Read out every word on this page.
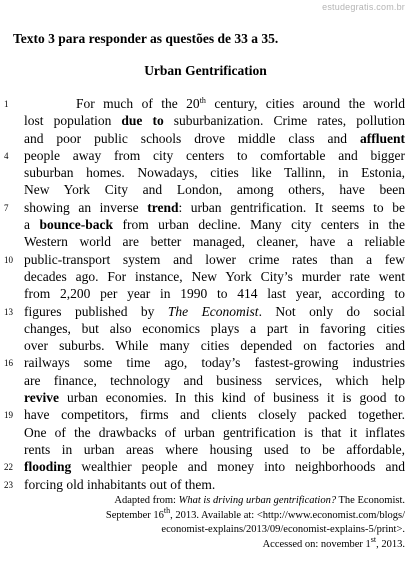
estudegratis.com.br
Texto 3 para responder as questões de 33 a 35.
Urban Gentrification
1	For much of the 20th century, cities around the world
lost population due to suburbanization. Crime rates, pollution
and poor public schools drove middle class and affluent
4	people away from city centers to comfortable and bigger
suburban homes. Nowadays, cities like Tallinn, in Estonia,
New York City and London, among others, have been
7	showing an inverse trend: urban gentrification. It seems to be
a bounce-back from urban decline. Many city centers in the
Western world are better managed, cleaner, have a reliable
10 public-transport system and lower crime rates than a few
decades ago. For instance, New York City’s murder rate went
from 2,200 per year in 1990 to 414 last year, according to
13 figures published by The Economist. Not only do social
changes, but also economics plays a part in favoring cities
over suburbs. While many cities depended on factories and
16 railways some time ago, today’s fastest-growing industries
are finance, technology and business services, which help
revive urban economies. In this kind of business it is good to
19 have competitors, firms and clients closely packed together.
One of the drawbacks of urban gentrification is that it inflates
rents in urban areas where housing used to be affordable,
22 flooding wealthier people and money into neighborhoods and
23 forcing old inhabitants out of them.
Adapted from: What is driving urban gentrification? The Economist.
September 16th, 2013. Available at: <http://www.economist.com/blogs/
economist-explains/2013/09/economist-explains-5/print>.
Accessed on: november 1st, 2013.
